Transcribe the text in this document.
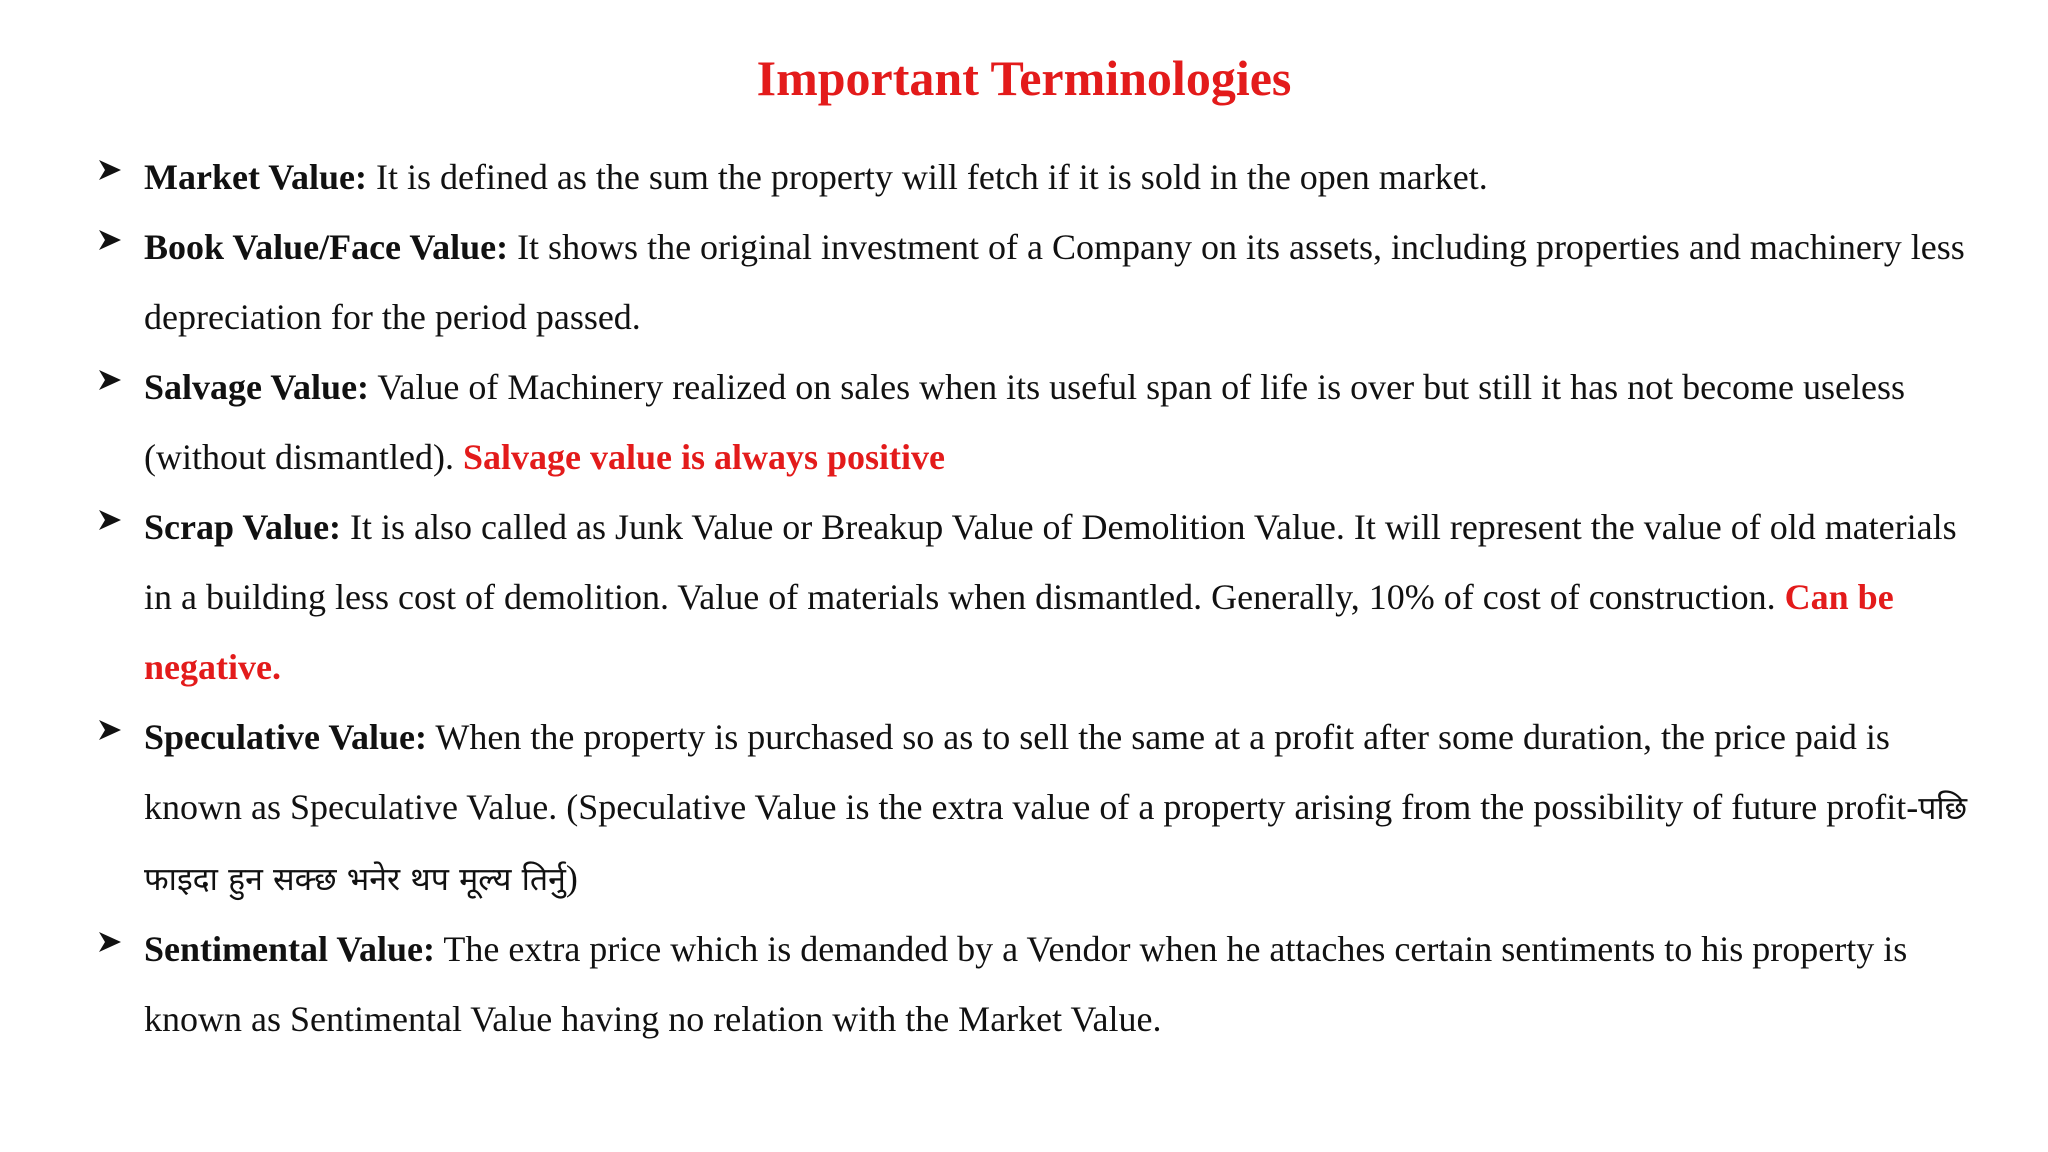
Important Terminologies
Market Value: It is defined as the sum the property will fetch if it is sold in the open market.
Book Value/Face Value: It shows the original investment of a Company on its assets, including properties and machinery less depreciation for the period passed.
Salvage Value: Value of Machinery realized on sales when its useful span of life is over but still it has not become useless (without dismantled). Salvage value is always positive
Scrap Value: It is also called as Junk Value or Breakup Value of Demolition Value. It will represent the value of old materials in a building less cost of demolition. Value of materials when dismantled. Generally, 10% of cost of construction. Can be negative.
Speculative Value: When the property is purchased so as to sell the same at a profit after some duration, the price paid is known as Speculative Value. (Speculative Value is the extra value of a property arising from the possibility of future profit-पछि फाइदा हुन सक्छ भनेर थप मूल्य तिर्नु)
Sentimental Value: The extra price which is demanded by a Vendor when he attaches certain sentiments to his property is known as Sentimental Value having no relation with the Market Value.
